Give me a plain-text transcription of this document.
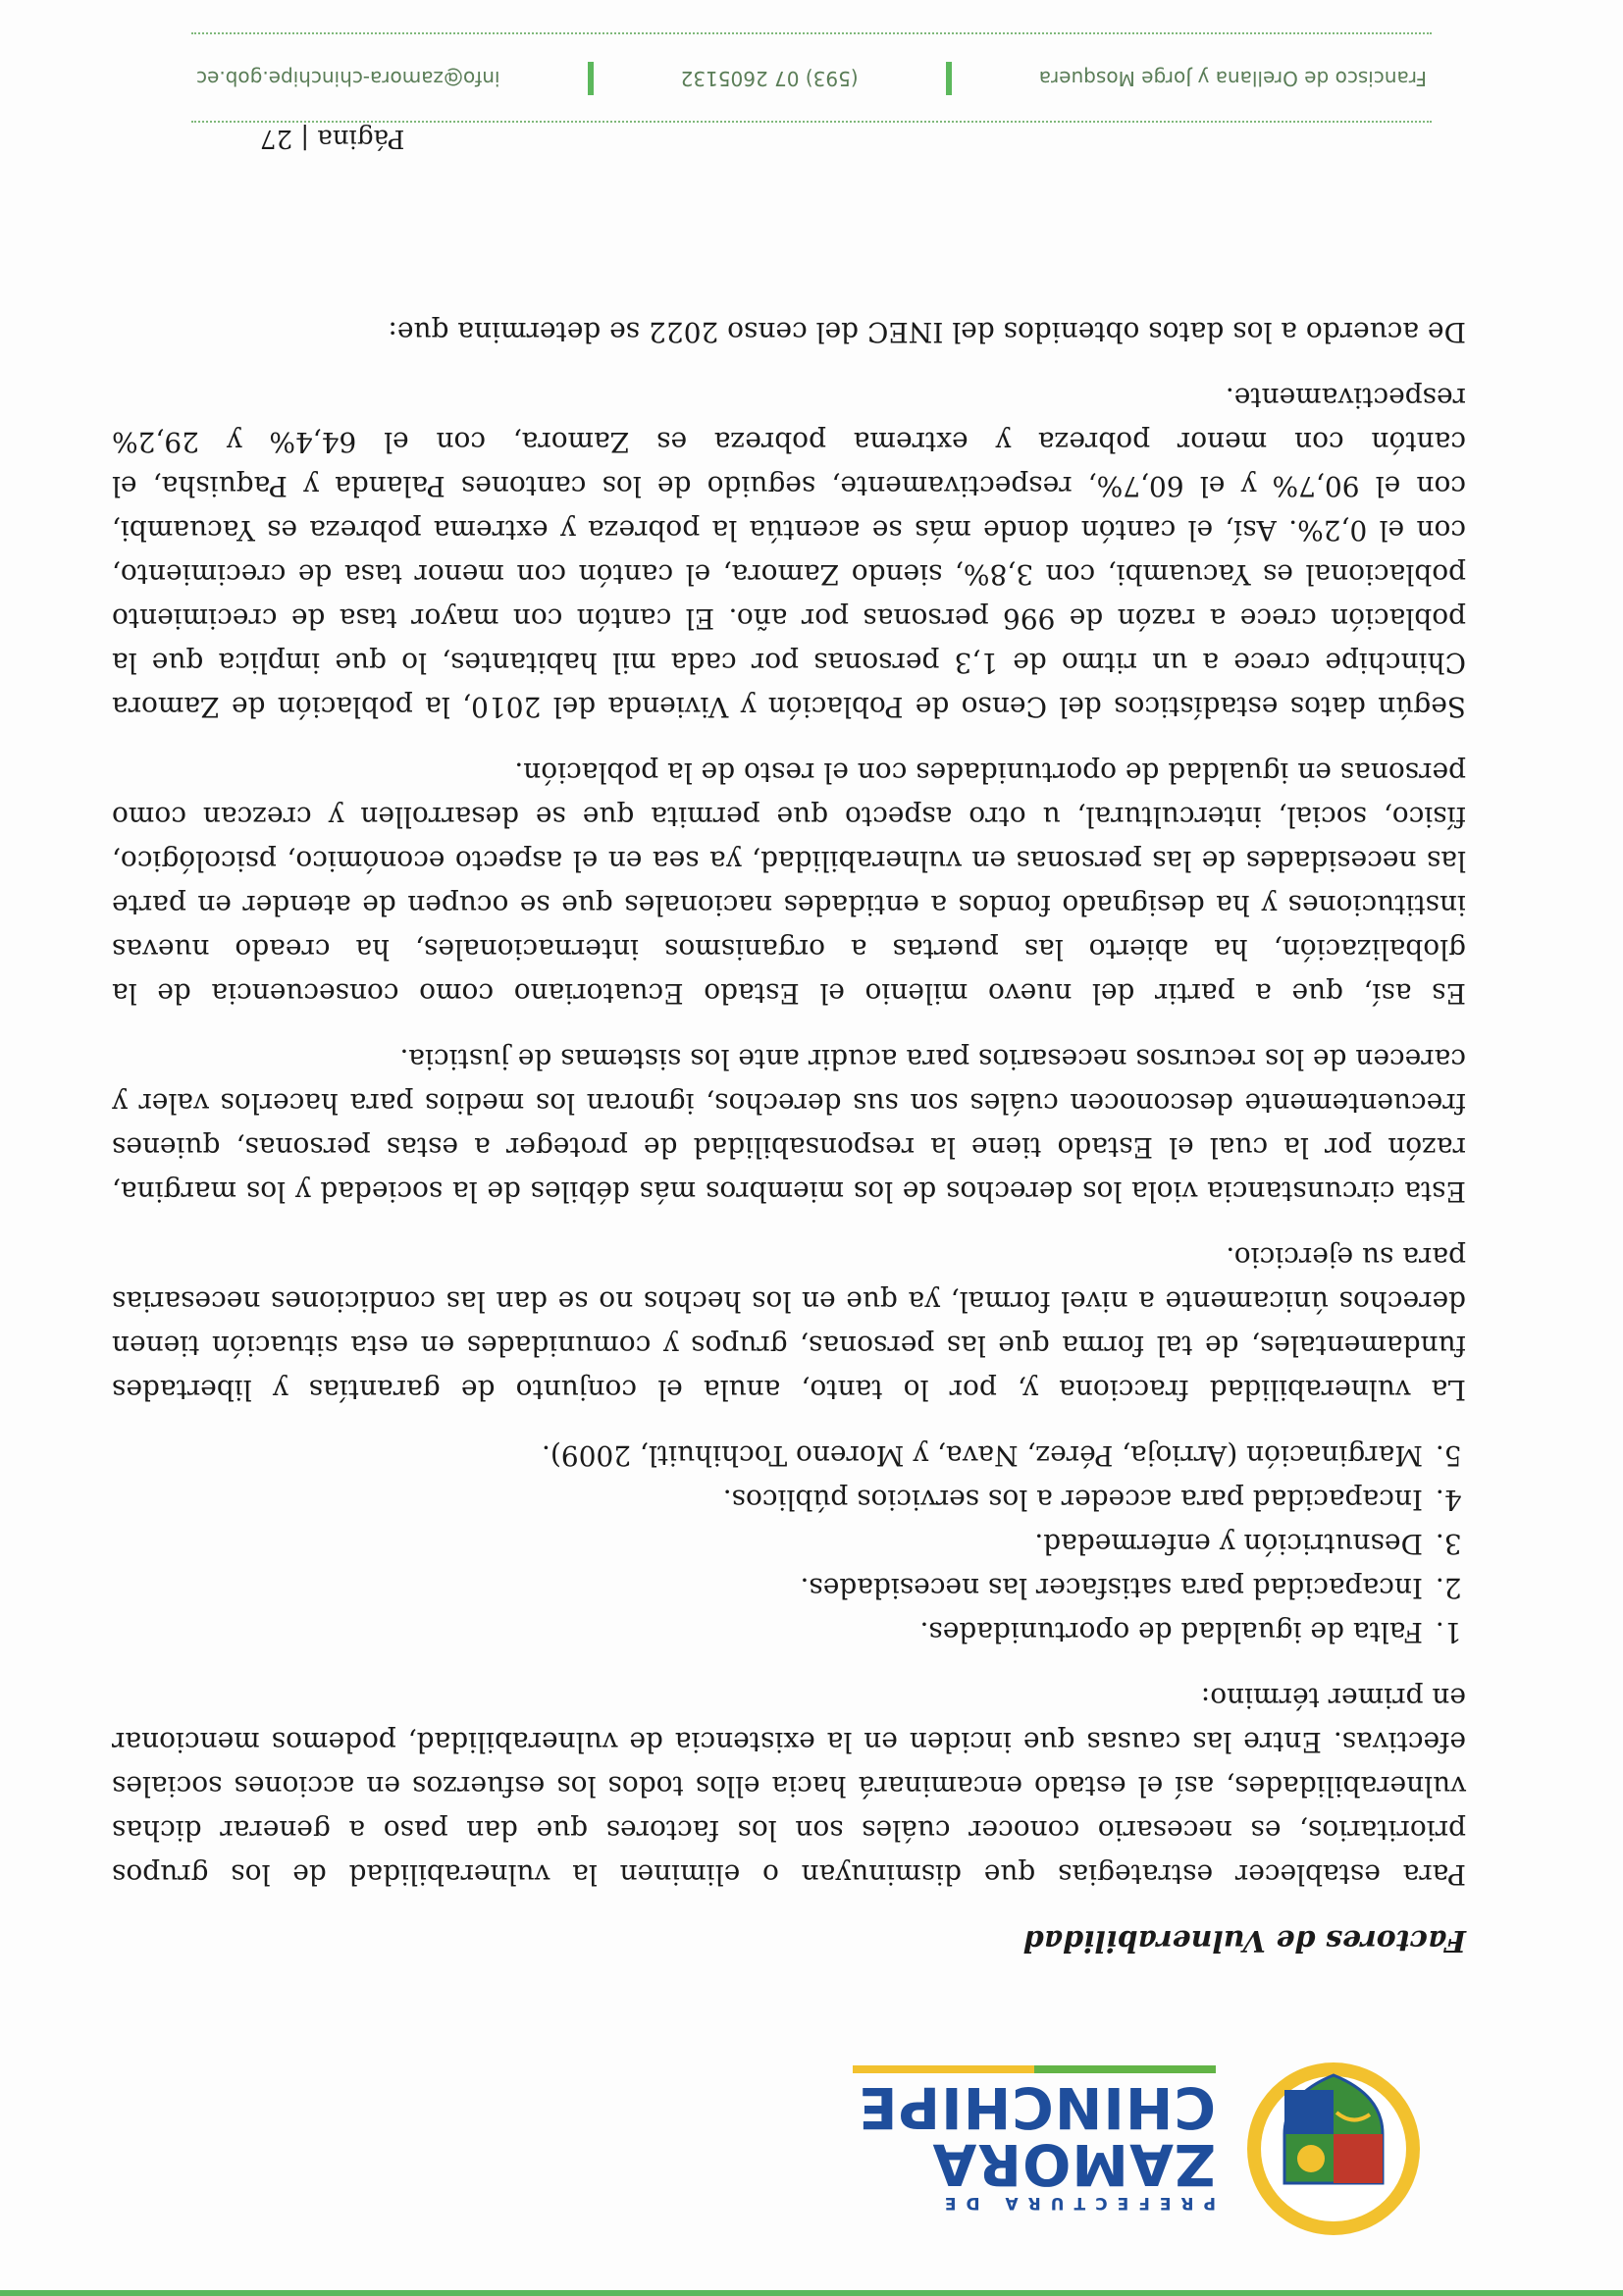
PREFECTURA DE
ZAMORA
CHINCHIPE
Factores de Vulnerabilidad

Para establecer estrategias que disminuyan o eliminen la vulnerabilidad de los grupos prioritarios, es necesario conocer cuáles son los factores que dan paso a generar dichas vulnerabilidades, así el estado encaminará hacia ellos todos los esfuerzos en acciones sociales efectivas. Entre las causas que inciden en la existencia de vulnerabilidad, podemos mencionar en primer término:

1. Falta de igualdad de oportunidades.
2. Incapacidad para satisfacer las necesidades.
3. Desnutrición y enfermedad.
4. Incapacidad para acceder a los servicios públicos.
5. Marginación (Arrioja, Pérez, Nava, y Moreno Tochihuitl, 2009).

La vulnerabilidad fracciona y, por lo tanto, anula el conjunto de garantías y libertades fundamentales, de tal forma que las personas, grupos y comunidades en esta situación tienen derechos únicamente a nivel formal, ya que en los hechos no se dan las condiciones necesarias para su ejercicio.

Esta circunstancia viola los derechos de los miembros más débiles de la sociedad y los margina, razón por la cual el Estado tiene la responsabilidad de proteger a estas personas, quienes frecuentemente desconocen cuáles son sus derechos, ignoran los medios para hacerlos valer y carecen de los recursos necesarios para acudir ante los sistemas de justicia.

Es así, que a partir del nuevo milenio el Estado Ecuatoriano como consecuencia de la globalización, ha abierto las puertas a organismos internacionales, ha creado nuevas instituciones y ha designado fondos a entidades nacionales que se ocupen de atender en parte las necesidades de las personas en vulnerabilidad, ya sea en el aspecto económico, psicológico, físico, social, intercultural, u otro aspecto que permita que se desarrollen y crezcan como personas en igualdad de oportunidades con el resto de la población.

Según datos estadísticos del Censo de Población y Vivienda del 2010, la población de Zamora Chinchipe crece a un ritmo de 1,3 personas por cada mil habitantes, lo que implica que la población crece a razón de 996 personas por año. El cantón con mayor tasa de crecimiento poblacional es Yacuambi, con 3,8%, siendo Zamora, el cantón con menor tasa de crecimiento, con el 0,2%. Así, el cantón donde más se acentúa la pobreza y extrema pobreza es Yacuambi, con el 90,7% y el 60,7%, respectivamente, seguido de los cantones Palanda y Paquisha, el cantón con menor pobreza y extrema pobreza es Zamora, con el 64,4% y 29,2% respectivamente.

De acuerdo a los datos obtenidos del INEC del censo 2022 se determina que:

Página | 27
Francisco de Orellana y Jorge Mosquera
(593) 07 2605132
info@zamora-chinchipe.gob.ec
